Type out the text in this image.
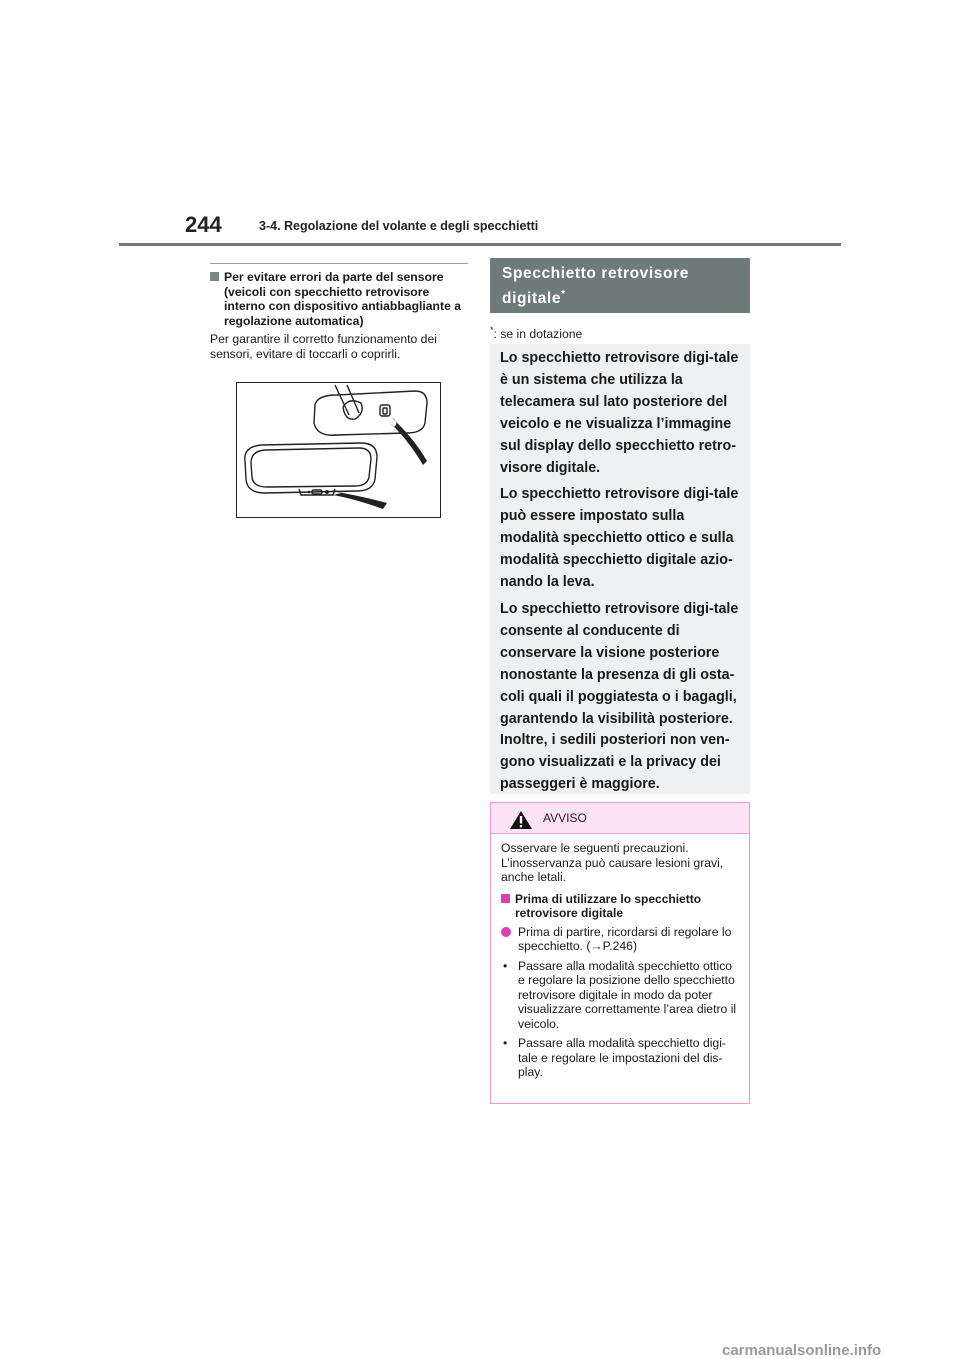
244	3-4. Regolazione del volante e degli specchietti
Per evitare errori da parte del sensore (veicoli con specchietto retrovisore interno con dispositivo antiabbagliante a regolazione automatica)
Per garantire il corretto funzionamento dei sensori, evitare di toccarli o coprirli.
Specchietto retrovisore digitale*
*: se in dotazione

Lo specchietto retrovisore digi-tale è un sistema che utilizza la telecamera sul lato posteriore del veicolo e ne visualizza l’immagine sul display dello specchietto retro-visore digitale.

Lo specchietto retrovisore digi-tale può essere impostato sulla modalità specchietto ottico e sulla modalità specchietto digitale azio-nando la leva.

Lo specchietto retrovisore digi-tale consente al conducente di conservare la visione posteriore nonostante la presenza di gli osta-coli quali il poggiatesta o i bagagli, garantendo la visibilità posteriore. Inoltre, i sedili posteriori non ven-gono visualizzati e la privacy dei passeggeri è maggiore.

AVVISO
Osservare le seguenti precauzioni. L’inosservanza può causare lesioni gravi, anche letali.
Prima di utilizzare lo specchietto retrovisore digitale
Prima di partire, ricordarsi di regolare lo specchietto. (→P.246)
• Passare alla modalità specchietto ottico e regolare la posizione dello specchietto retrovisore digitale in modo da poter visualizzare correttamente l’area dietro il veicolo.
• Passare alla modalità specchietto digi-tale e regolare le impostazioni del dis-play.
carmanualsonline.info
